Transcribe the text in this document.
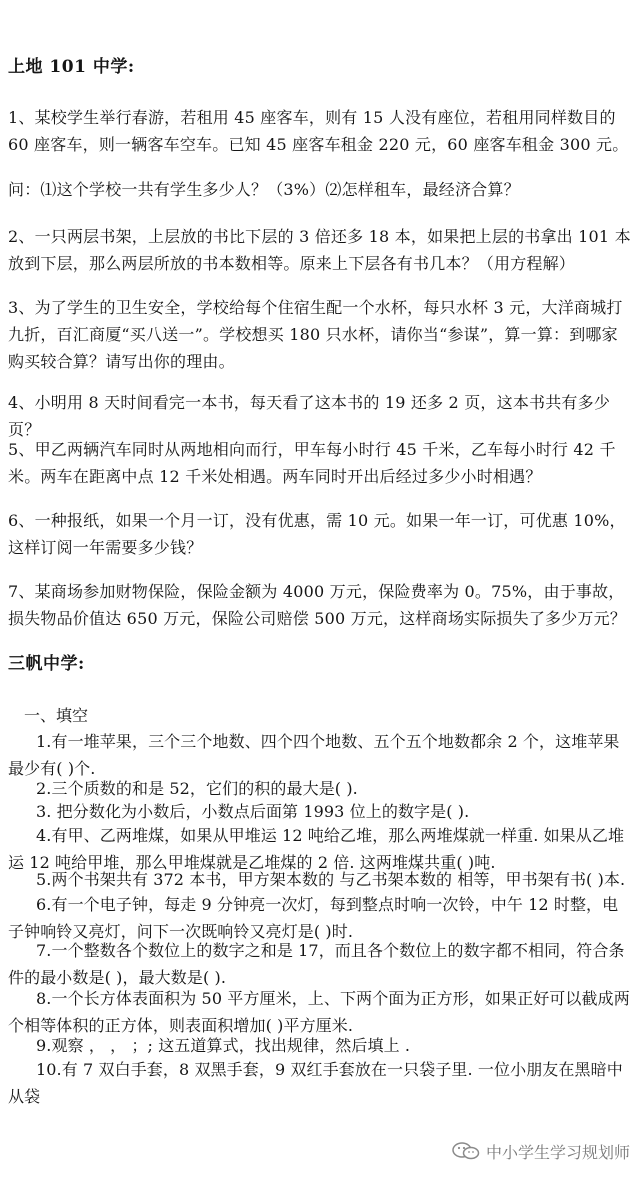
上地 101 中学:

1、某校学生举行春游，若租用 45 座客车，则有 15 人没有座位，若租用同样数目的 60 座客车，则一辆客车空车。已知 45 座客车租金 220 元，60 座客车租金 300 元。

问：⑴这个学校一共有学生多少人？（3%）⑵怎样租车，最经济合算？

2、一只两层书架，上层放的书比下层的 3 倍还多 18 本，如果把上层的书拿出 101 本放到下层，那么两层所放的书本数相等。原来上下层各有书几本？（用方程解）

3、为了学生的卫生安全，学校给每个住宿生配一个水杯，每只水杯 3 元，大洋商城打九折，百汇商厦“买八送一”。学校想买 180 只水杯，请你当“参谋”，算一算：到哪家购买较合算？请写出你的理由。

4、小明用 8 天时间看完一本书，每天看了这本书的 19 还多 2 页，这本书共有多少页？

5、甲乙两辆汽车同时从两地相向而行，甲车每小时行 45 千米，乙车每小时行 42 千米。两车在距离中点 12 千米处相遇。两车同时开出后经过多少小时相遇？

6、一种报纸，如果一个月一订，没有优惠，需 10 元。如果一年一订，可优惠 10%，这样订阅一年需要多少钱？

7、某商场参加财物保险，保险金额为 4000 万元，保险费率为 0。75%，由于事故，损失物品价值达 650 万元，保险公司赔偿 500 万元，这样商场实际损失了多少万元？

三帆中学:

一、填空

1.有一堆苹果，三个三个地数、四个四个地数、五个五个地数都余 2 个，这堆苹果最少有( )个.

2.三个质数的和是 52，它们的积的最大是( ).

3. 把分数化为小数后，小数点后面第 1993 位上的数字是( ).

4.有甲、乙两堆煤，如果从甲堆运 12 吨给乙堆，那么两堆煤就一样重. 如果从乙堆运 12 吨给甲堆，那么甲堆煤就是乙堆煤的 2 倍. 这两堆煤共重( )吨.

5.两个书架共有 372 本书，甲方架本数的 与乙书架本数的 相等，甲书架有书( )本.

6.有一个电子钟，每走 9 分钟亮一次灯，每到整点时响一次铃，中午 12 时整，电子钟响铃又亮灯，问下一次既响铃又亮灯是( )时.

7.一个整数各个数位上的数字之和是 17，而且各个数位上的数字都不相同，符合条件的最小数是( )，最大数是( ).

8.一个长方体表面积为 50 平方厘米，上、下两个面为正方形，如果正好可以截成两个相等体积的正方体，则表面积增加( )平方厘米.

9.观察 ， ， ；; 这五道算式，找出规律，然后填上 .

10.有 7 双白手套，8 双黑手套，9 双红手套放在一只袋子里. 一位小朋友在黑暗中从袋

中小学生学习规划师
